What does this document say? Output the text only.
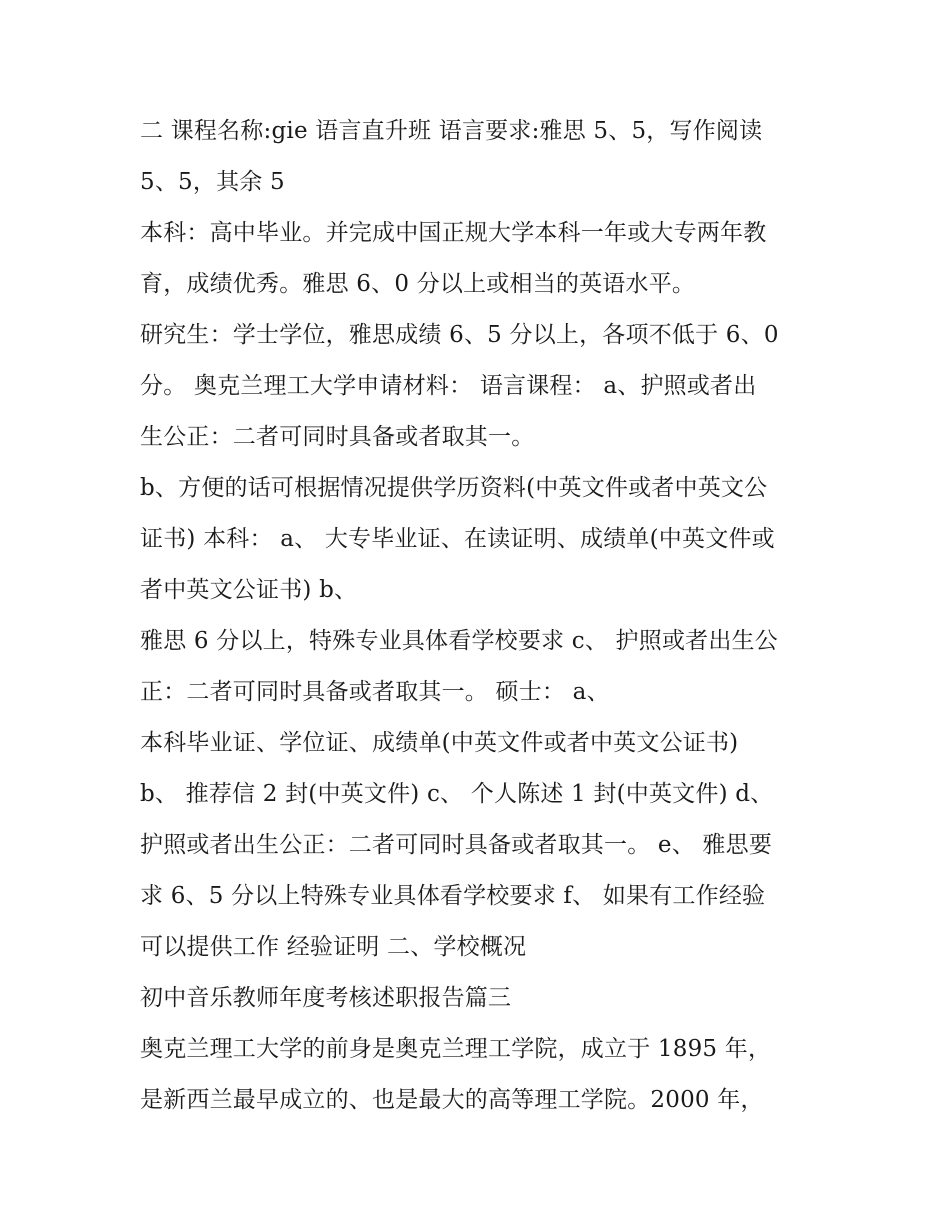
二 课程名称:gie 语言直升班 语言要求:雅思 5、5，写作阅读
5、5，其余 5
本科：高中毕业。并完成中国正规大学本科一年或大专两年教
育，成绩优秀。雅思 6、0 分以上或相当的英语水平。
研究生：学士学位，雅思成绩 6、5 分以上，各项不低于 6、0
分。 奥克兰理工大学申请材料： 语言课程： a、护照或者出
生公正：二者可同时具备或者取其一。
b、方便的话可根据情况提供学历资料(中英文件或者中英文公
证书) 本科： a、 大专毕业证、在读证明、成绩单(中英文件或
者中英文公证书) b、
雅思 6 分以上，特殊专业具体看学校要求 c、 护照或者出生公
正：二者可同时具备或者取其一。 硕士： a、
本科毕业证、学位证、成绩单(中英文件或者中英文公证书)
b、 推荐信 2 封(中英文件) c、 个人陈述 1 封(中英文件) d、
护照或者出生公正：二者可同时具备或者取其一。 e、 雅思要
求 6、5 分以上特殊专业具体看学校要求 f、 如果有工作经验
可以提供工作 经验证明 二、学校概况
初中音乐教师年度考核述职报告篇三
奥克兰理工大学的前身是奥克兰理工学院，成立于 1895 年，
是新西兰最早成立的、也是最大的高等理工学院。2000 年，
